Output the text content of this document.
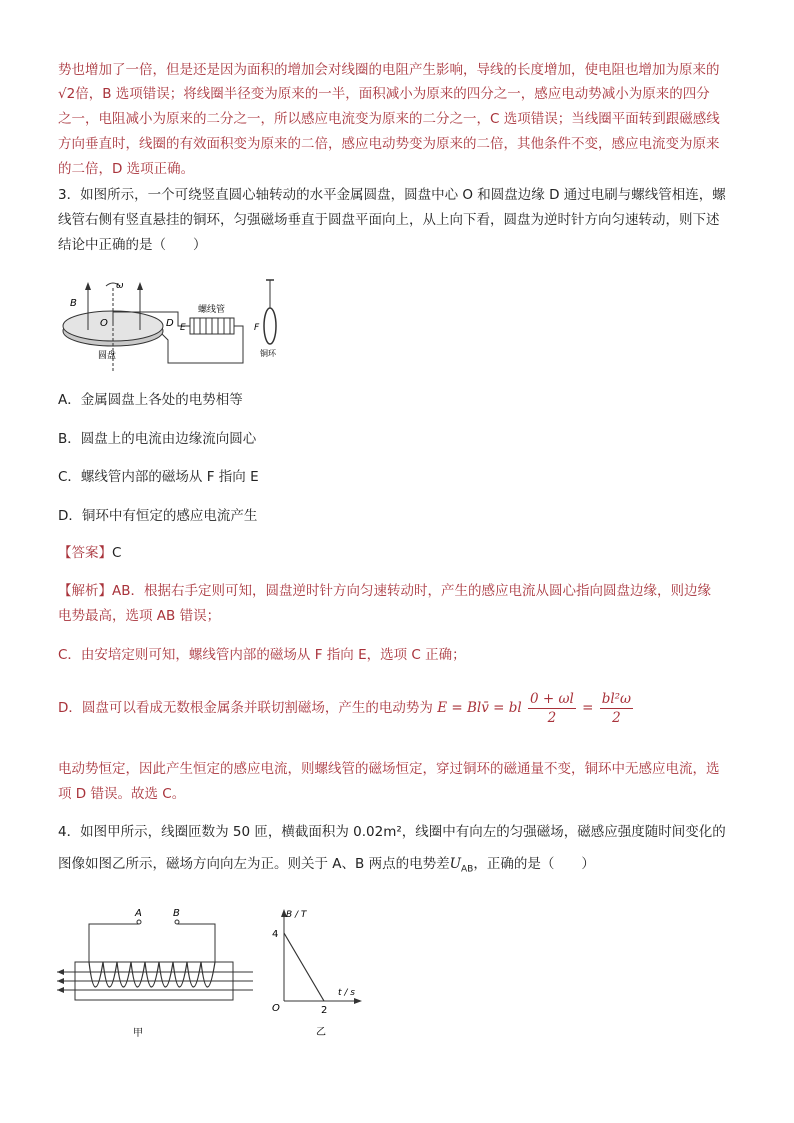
势也增加了一倍，但是还是因为面积的增加会对线圈的电阻产生影响，导线的长度增加，使电阻也增加为原来的

√2倍，B 选项错误；将线圈半径变为原来的一半，面积减小为原来的四分之一，感应电动势减小为原来的四分

之一，电阻减小为原来的二分之一，所以感应电流变为原来的二分之一，C 选项错误；当线圈平面转到跟磁感线

方向垂直时，线圈的有效面积变为原来的二倍，感应电动势变为原来的二倍，其他条件不变，感应电流变为原来

的二倍，D 选项正确。

3．如图所示，一个可绕竖直圆心轴转动的水平金属圆盘，圆盘中心 O 和圆盘边缘 D 通过电刷与螺线管相连，螺

线管右侧有竖直悬挂的铜环，匀强磁场垂直于圆盘平面向上，从上向下看，圆盘为逆时针方向匀速转动，则下述

结论中正确的是（　　）

ω
B
O	D
圆盘
E
螺线管
F
铜环

A．金属圆盘上各处的电势相等

B．圆盘上的电流由边缘流向圆心

C．螺线管内部的磁场从 F 指向 E

D．铜环中有恒定的感应电流产生

【答案】C

【解析】AB．根据右手定则可知，圆盘逆时针方向匀速转动时，产生的感应电流从圆心指向圆盘边缘，则边缘

电势最高，选项 AB 错误；

C．由安培定则可知，螺线管内部的磁场从 F 指向 E，选项 C 正确；

D．圆盘可以看成无数根金属条并联切割磁场，产生的电动势为 E = Blv̄ = bl $\frac{0 + \omega l}{2} = \frac{\text{bl²ω}}{2}$

电动势恒定，因此产生恒定的感应电流，则螺线管的磁场恒定，穿过铜环的磁通量不变，铜环中无感应电流，选

项 D 错误。故选 C。

4．如图甲所示，线圈匝数为 50 匝，横截面积为 0.02m²，线圈中有向左的匀强磁场，磁感应强度随时间变化的

图像如图乙所示，磁场方向向左为正。则关于 A、B 两点的电势差$U_{AB}$，正确的是（　　）

A	B
甲
B / T
t / s
O
4
2
乙
